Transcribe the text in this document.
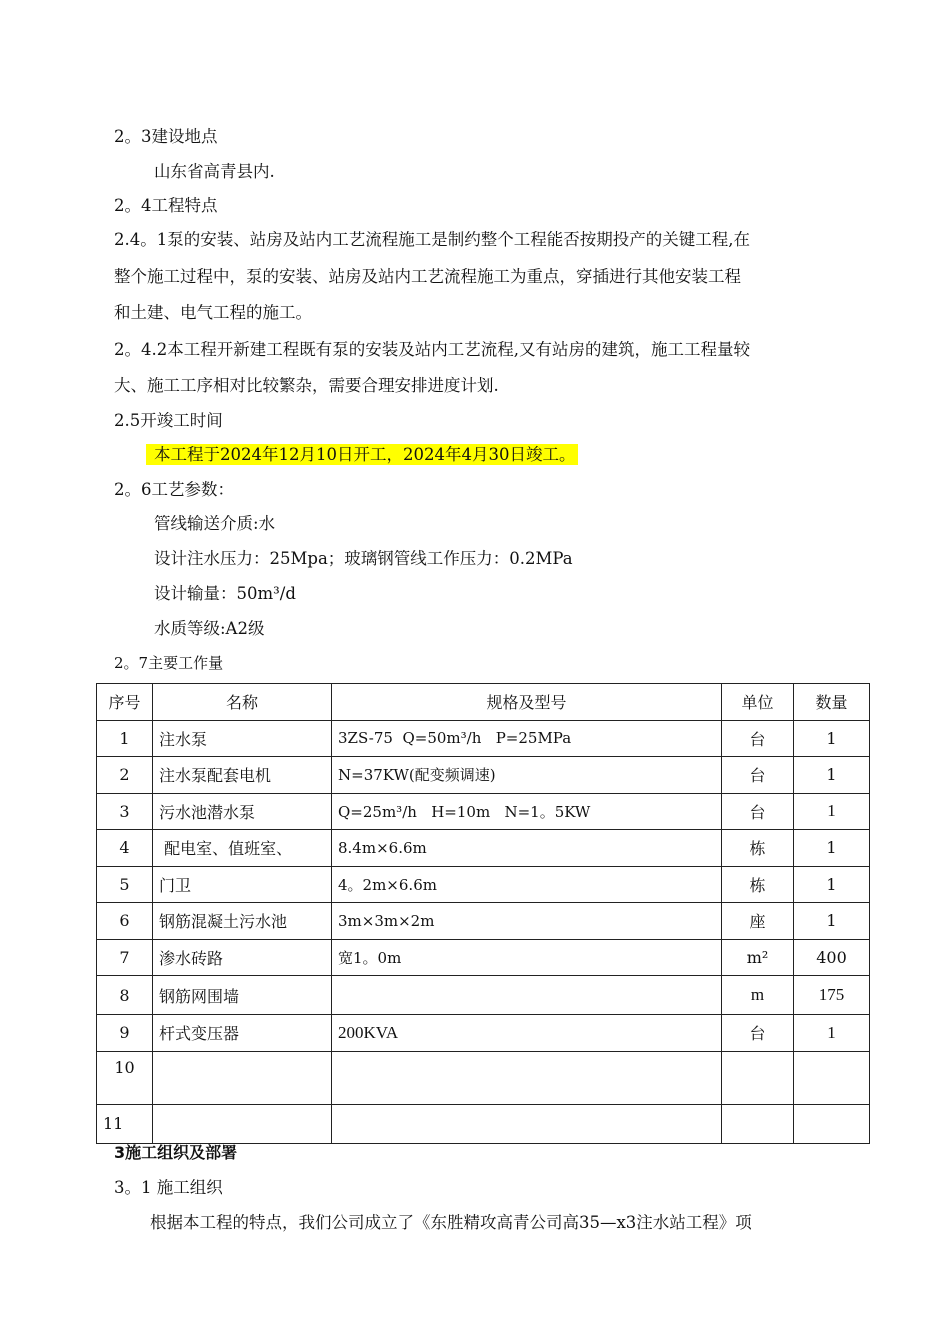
2。3建设地点
山东省高青县内.
2。4工程特点
2.4。1泵的安装、站房及站内工艺流程施工是制约整个工程能否按期投产的关键工程,在
整个施工过程中，泵的安装、站房及站内工艺流程施工为重点，穿插进行其他安装工程
和土建、电气工程的施工。
2。4.2本工程开新建工程既有泵的安装及站内工艺流程,又有站房的建筑，施工工程量较
大、施工工序相对比较繁杂，需要合理安排进度计划.
2.5开竣工时间
本工程于2024年12月10日开工，2024年4月30日竣工。
2。6工艺参数：
管线输送介质:水
设计注水压力：25Mpa；玻璃钢管线工作压力：0.2MPa
设计输量：50m³/d
水质等级:A2级
2。7主要工作量
序号	名称	规格及型号	单位	数量
1	注水泵	3ZS-75  Q=50m³/h   P=25MPa	台	1
2	注水泵配套电机	N=37KW(配变频调速)	台	1
3	污水池潜水泵	Q=25m³/h   H=10m   N=1。5KW	台	1
4	配电室、值班室、	8.4m×6.6m	栋	1
5	门卫	4。2m×6.6m	栋	1
6	钢筋混凝土污水池	3m×3m×2m	座	1
7	渗水砖路	宽1。0m	m²	400
8	钢筋网围墙		m	175
9	杆式变压器	200KVA	台	1
10				
11				
3施工组织及部署
3。1 施工组织
根据本工程的特点，我们公司成立了《东胜精攻高青公司高35—x3注水站工程》项
